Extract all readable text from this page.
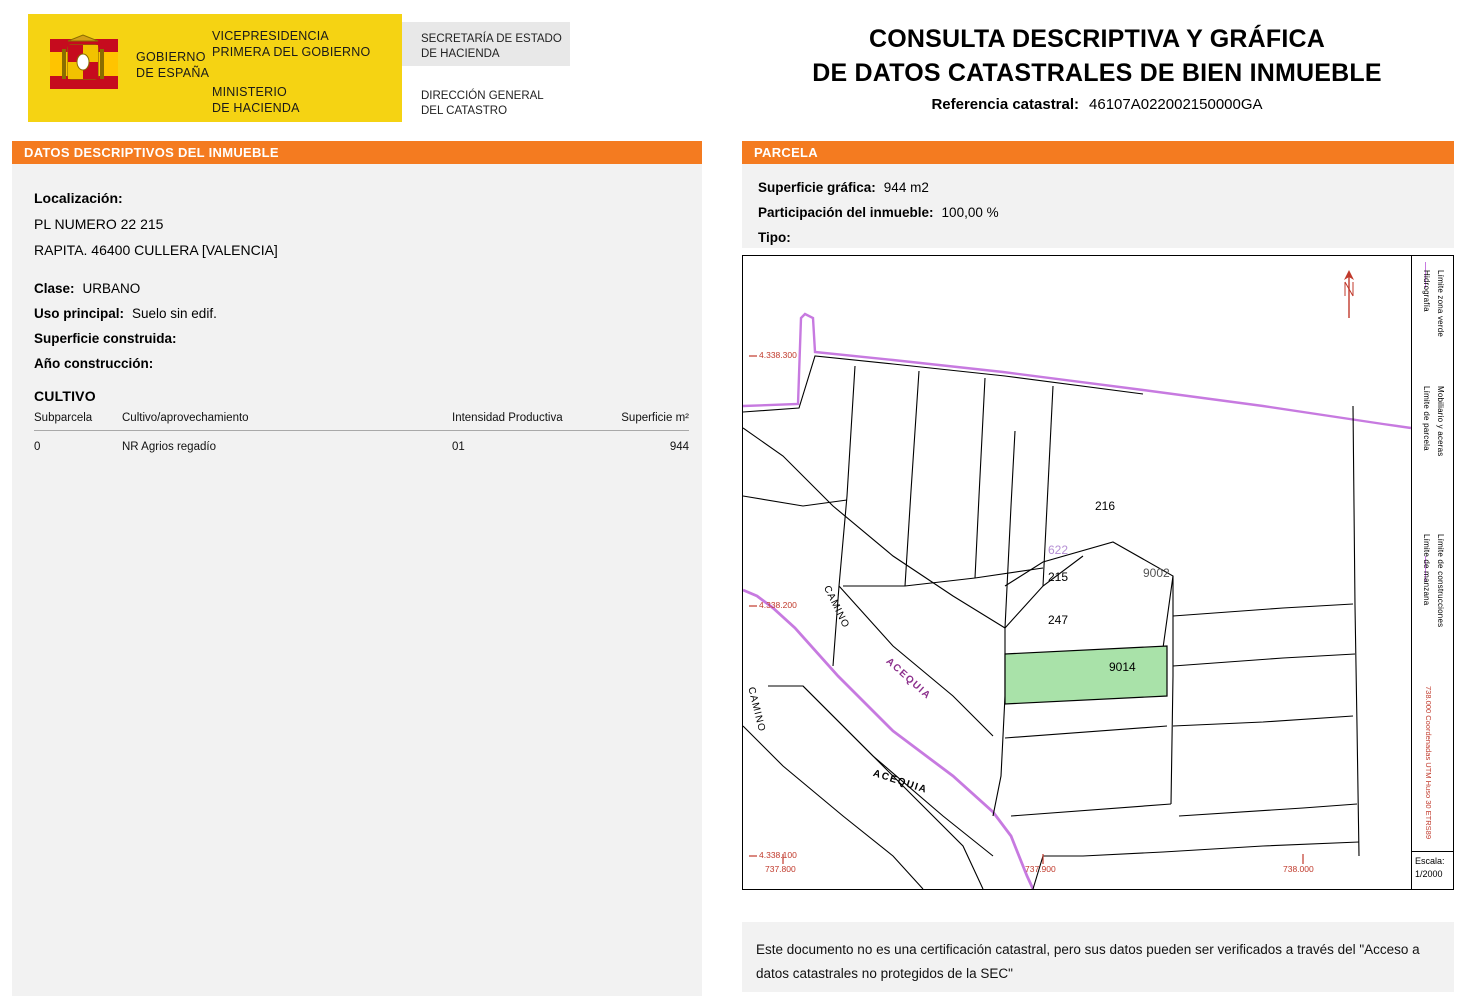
GOBIERNO
DE ESPAÑA
VICEPRESIDENCIA
PRIMERA DEL GOBIERNO
MINISTERIO
DE HACIENDA
SECRETARÍA DE ESTADO
DE HACIENDA
DIRECCIÓN GENERAL
DEL CATASTRO
CONSULTA DESCRIPTIVA Y GRÁFICA
DE DATOS CATASTRALES DE BIEN INMUEBLE
Referencia catastral: 46107A022002150000GA
DATOS DESCRIPTIVOS DEL INMUEBLE
Localización:
PL NUMERO 22 215
RAPITA. 46400 CULLERA [VALENCIA]
Clase: URBANO
Uso principal: Suelo sin edif.
Superficie construida:
Año construcción:
CULTIVO
Subparcela	Cultivo/aprovechamiento	Intensidad Productiva	Superficie m²
0	NR Agrios regadío	01	944
PARCELA
Superficie gráfica: 944 m2
Participación del inmueble: 100,00 %
Tipo:
216
622
215
247
9014
9002
CAMINO
CAMINO
ACEQUIA
ACEQUIA
4.338.300
4.338.200
4.338.100
737.800	737.900	738.000
Hidrografía Límite zona verde
Límite de parcela Mobiliario y aceras
Límite de manzana Límite de construcciones
738.000 Coordenadas UTM Huso 30 ETRS89
Escala:
1/2000
Este documento no es una certificación catastral, pero sus datos pueden ser verificados a través del "Acceso a datos catastrales no protegidos de la SEC"
